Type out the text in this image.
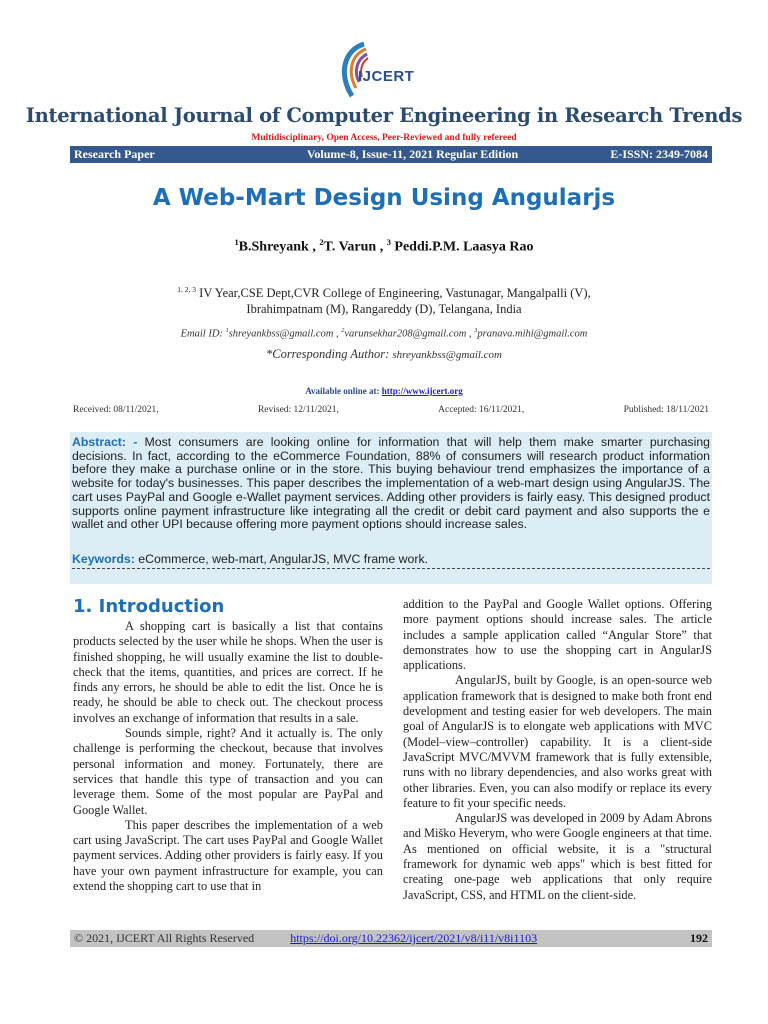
IJCERT
International Journal of Computer Engineering in Research Trends
Multidisciplinary, Open Access, Peer-Reviewed and fully refereed
Research Paper	Volume-8, Issue-11, 2021 Regular Edition	E-ISSN: 2349-7084
A Web-Mart Design Using Angularjs
$^1$B.Shreyank , $^2$T. Varun , $^3$ Peddi.P.M. Laasya Rao
$^{1, 2, 3}$ IV Year,CSE Dept,CVR College of Engineering, Vastunagar, Mangalpalli (V),
Ibrahimpatnam (M), Rangareddy (D), Telangana, India
Email ID: $^1$shreyankbss@gmail.com , $^2$varunsekhar208@gmail.com , $^3$pranava.mihi@gmail.com
*Corresponding Author: shreyankbss@gmail.com
Available online at: http://www.ijcert.org
Received: 08/11/2021,	Revised: 12/11/2021,	Accepted: 16/11/2021,	Published: 18/11/2021
Abstract: - Most consumers are looking online for information that will help them make smarter purchasing decisions. In fact, according to the eCommerce Foundation, 88% of consumers will research product information before they make a purchase online or in the store. This buying behaviour trend emphasizes the importance of a website for today's businesses. This paper describes the implementation of a web-mart design using AngularJS. The cart uses PayPal and Google e-Wallet payment services. Adding other providers is fairly easy. This designed product supports online payment infrastructure like integrating all the credit or debit card payment and also supports the e wallet and other UPI because offering more payment options should increase sales.
Keywords: eCommerce, web-mart, AngularJS, MVC frame work.
1. Introduction

A shopping cart is basically a list that contains products selected by the user while he shops. When the user is finished shopping, he will usually examine the list to double-check that the items, quantities, and prices are correct. If he finds any errors, he should be able to edit the list. Once he is ready, he should be able to check out. The checkout process involves an exchange of information that results in a sale.

Sounds simple, right? And it actually is. The only challenge is performing the checkout, because that involves personal information and money. Fortunately, there are services that handle this type of transaction and you can leverage them. Some of the most popular are PayPal and Google Wallet.

This paper describes the implementation of a web cart using JavaScript. The cart uses PayPal and Google Wallet payment services. Adding other providers is fairly easy. If you have your own payment infrastructure for example, you can extend the shopping cart to use that in

addition to the PayPal and Google Wallet options. Offering more payment options should increase sales. The article includes a sample application called “Angular Store” that demonstrates how to use the shopping cart in AngularJS applications.

AngularJS, built by Google, is an open-source web application framework that is designed to make both front end development and testing easier for web developers. The main goal of AngularJS is to elongate web applications with MVC (Model–view–controller) capability. It is a client-side JavaScript MVC/MVVM framework that is fully extensible, runs with no library dependencies, and also works great with other libraries. Even, you can also modify or replace its every feature to fit your specific needs.

AngularJS was developed in 2009 by Adam Abrons and Miško Heverym, who were Google engineers at that time. As mentioned on official website, it is a "structural framework for dynamic web apps" which is best fitted for creating one-page web applications that only require JavaScript, CSS, and HTML on the client-side.

© 2021, IJCERT All Rights Reserved	https://doi.org/10.22362/ijcert/2021/v8/i11/v8i1103	192
